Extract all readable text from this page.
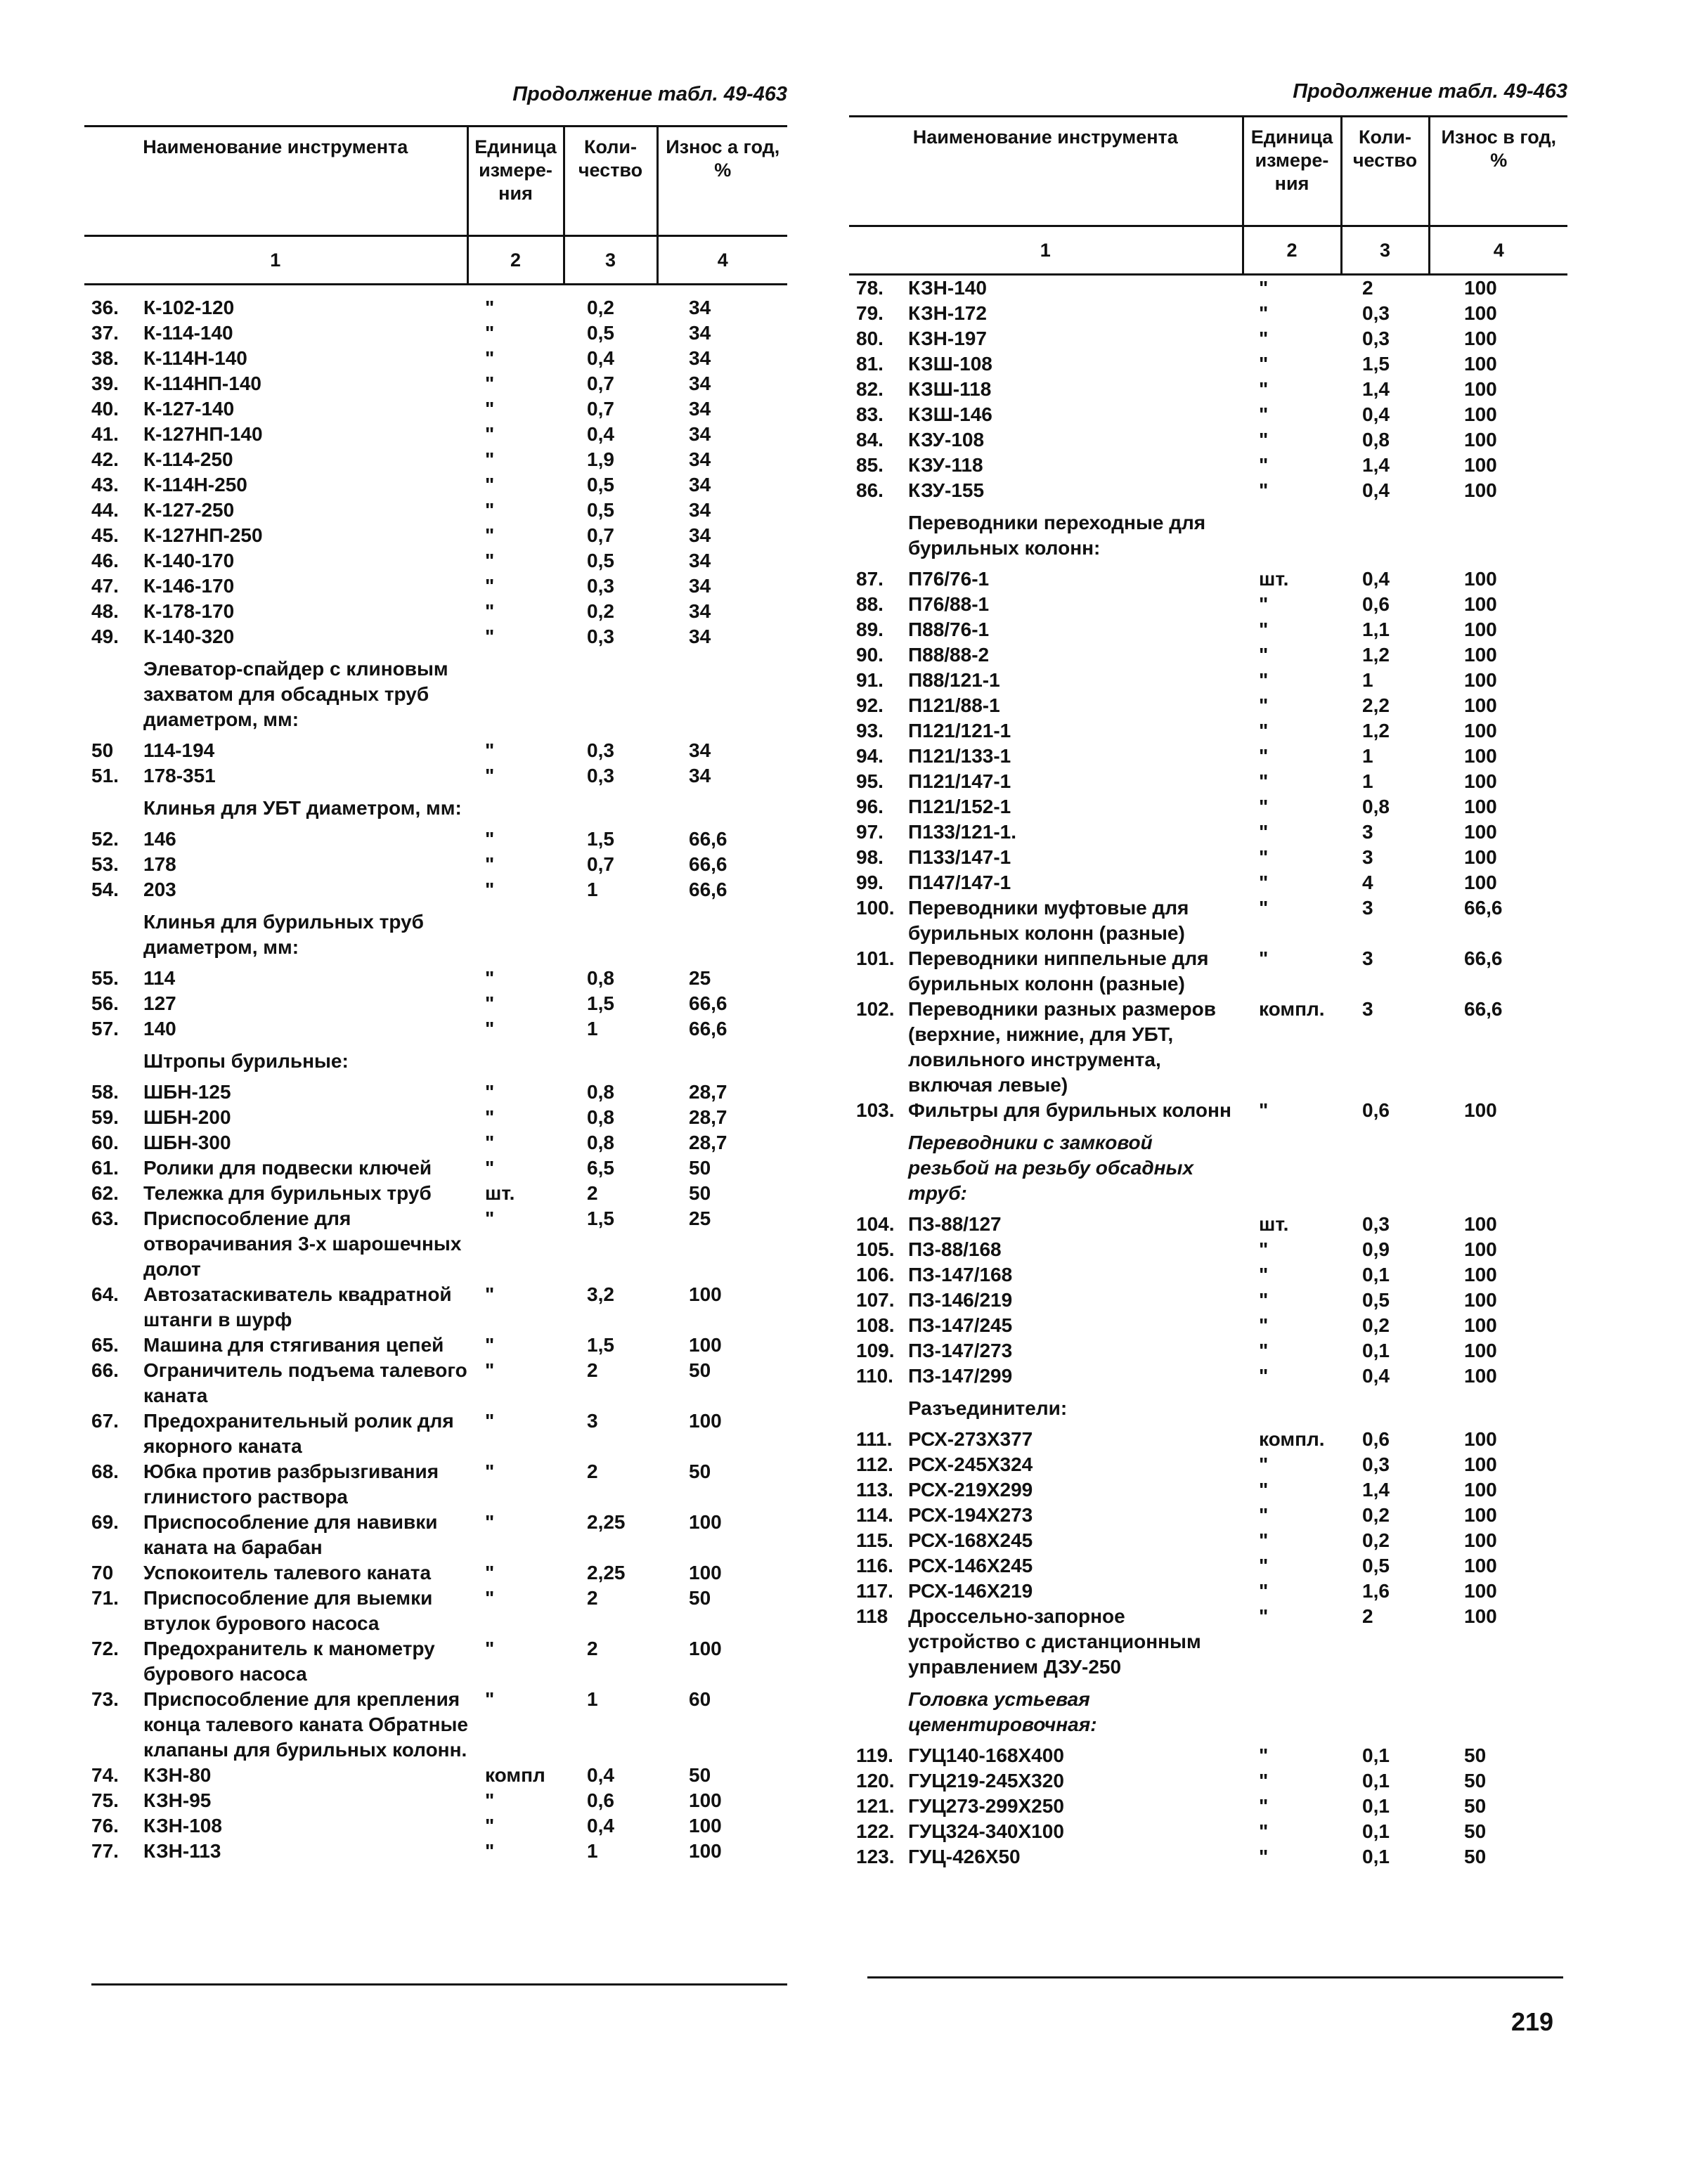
Продолжение табл. 49-463
Наименование инструмента	Единица измере-ния	Коли-чество	Износ а год, %
1	2	3	4
36. К-102-120	"	0,2	34
37. К-114-140	"	0,5	34
38. К-114Н-140	"	0,4	34
39. К-114НП-140	"	0,7	34
40. К-127-140	"	0,7	34
41. К-127НП-140	"	0,4	34
42. К-114-250	"	1,9	34
43. К-114Н-250	"	0,5	34
44. К-127-250	"	0,5	34
45. К-127НП-250	"	0,7	34
46. К-140-170	"	0,5	34
47. К-146-170	"	0,3	34
48. К-178-170	"	0,2	34
49. К-140-320	"	0,3	34
Элеватор-спайдер с клиновым захватом для обсадных труб диаметром, мм:
50 114-194	"	0,3	34
51. 178-351	"	0,3	34
Клинья для УБТ диаметром, мм:
52. 146	"	1,5	66,6
53. 178	"	0,7	66,6
54. 203	"	1	66,6
Клинья для бурильных труб диаметром, мм:
55. 114	"	0,8	25
56. 127	"	1,5	66,6
57. 140	"	1	66,6
Штропы бурильные:
58. ШБН-125	"	0,8	28,7
59. ШБН-200	"	0,8	28,7
60. ШБН-300	"	0,8	28,7
61. Ролики для подвески ключей	"	6,5	50
62. Тележка для бурильных труб	шт.	2	50
63. Приспособление для отворачивания 3-х шарошечных долот
"	1,5	25
64. Автозатаскиватель квадратной штанги в шурф
"	3,2	100
65. Машина для стягивания цепей	"	1,5	100
66. Ограничитель подъема талевого каната
"	2	50
67. Предохранительный ролик для якорного каната
"	3	100
68. Юбка против разбрызгивания глинистого раствора
"	2	50
69. Приспособление для навивки каната на барабан
"	2,25	100
70 Успокоитель талевого каната	"	2,25	100
71. Приспособление для выемки втулок бурового насоса
"	2	50
72. Предохранитель к манометру бурового насоса
"	2	100
73. Приспособление для крепления конца талевого каната Обратные клапаны для бурильных колонн.
"	1	60
74. КЗН-80	компл 0,4	50
75. КЗН-95	"	0,6	100
76. КЗН-108	"	0,4	100
77. КЗН-113	"	1	100
Продолжение табл. 49-463
Наименование инструмента	Единица измере-ния	Коли-чество	Износ в год, %
1	2	3	4
78. КЗН-140	"	2	100
79. КЗН-172	"	0,3	100
80. КЗН-197	"	0,3	100
81. КЗШ-108	"	1,5	100
82. КЗШ-118	"	1,4	100
83. КЗШ-146	"	0,4	100
84. КЗУ-108	"	0,8	100
85. КЗУ-118	"	1,4	100
86. КЗУ-155	"	0,4	100
Переводники переходные для бурильных колонн:
87. П76/76-1	шт.	0,4	100
88. П76/88-1	"	0,6	100
89. П88/76-1	"	1,1	100
90. П88/88-2	"	1,2	100
91. П88/121-1	"	1	100
92. П121/88-1	"	2,2	100
93. П121/121-1	"	1,2	100
94. П121/133-1	"	1	100
95. П121/147-1	"	1	100
96. П121/152-1	"	0,8	100
97. П133/121-1.	"	3	100
98. П133/147-1	"	3	100
99. П147/147-1	"	4	100
100. Переводники муфтовые для бурильных колонн (разные)
"	3	66,6
101. Переводники ниппельные для бурильных колонн (разные)
"	3	66,6
102. Переводники разных размеров (верхние, нижние, для УБТ, ловильного инструмента, включая левые)
компл. 3	66,6
103. Фильтры для бурильных колонн "	0,6	100
Переводники с замковой резьбой на резьбу обсадных труб:
104. ПЗ-88/127	шт.	0,3	100
105. ПЗ-88/168	"	0,9	100
106. ПЗ-147/168	"	0,1	100
107. ПЗ-146/219	"	0,5	100
108. ПЗ-147/245	"	0,2	100
109. ПЗ-147/273	"	0,1	100
110. ПЗ-147/299	"	0,4	100
Разъединители:
111. РСХ-273Х377	компл. 0,6	100
112. РСХ-245Х324	"	0,3	100
113. РСХ-219Х299	"	1,4	100
114. РСХ-194Х273	"	0,2	100
115. РСХ-168Х245	"	0,2	100
116. РСХ-146Х245	"	0,5	100
117. РСХ-146Х219	"	1,6	100
118 Дроссельно-запорное устройство с дистанционным управлением ДЗУ-250
"	2	100
Головка устьевая цементировочная:
119. ГУЦ140-168Х400	"	0,1	50
120. ГУЦ219-245Х320	"	0,1	50
121. ГУЦ273-299Х250	"	0,1	50
122. ГУЦ324-340Х100	"	0,1	50
123. ГУЦ-426Х50	"	0,1	50
219
